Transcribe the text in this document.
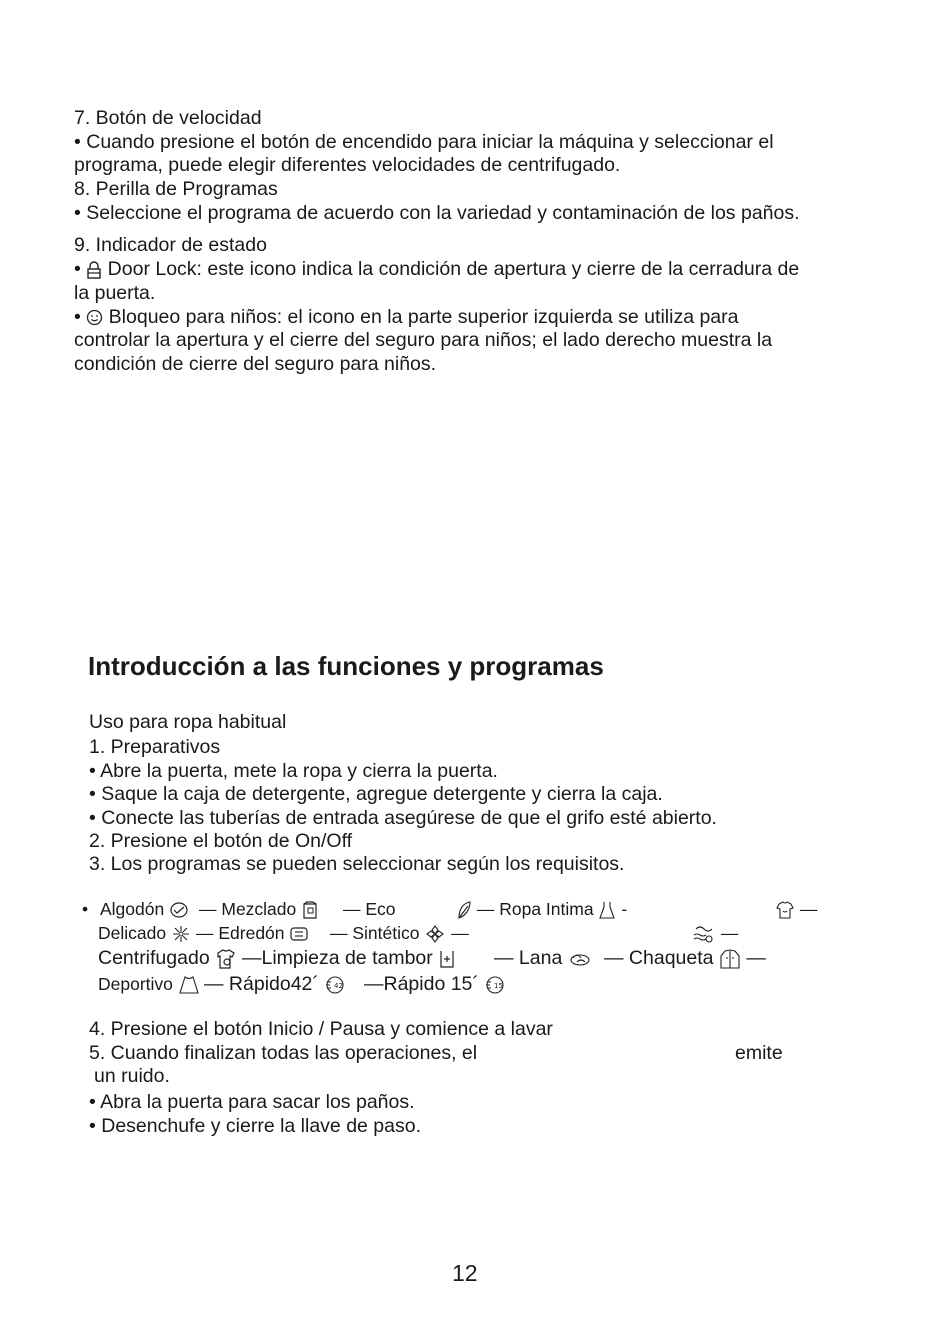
7. Botón de velocidad
• Cuando presione el botón de encendido para iniciar la máquina y seleccionar el
programa, puede elegir diferentes velocidades de centrifugado.
8. Perilla de Programas
• Seleccione el programa de acuerdo con la variedad y contaminación de los paños.
9. Indicador de estado
• Door Lock: este icono indica la condición de apertura y cierre de la cerradura de
la puerta.
• Bloqueo para niños: el icono en la parte superior izquierda se utiliza para
controlar la apertura y el cierre del seguro para niños; el lado derecho muestra la
condición de cierre del seguro para niños.
Introducción a las funciones y programas
Uso para ropa habitual
1. Preparativos
• Abre la puerta, mete la ropa y cierra la puerta.
• Saque la caja de detergente, agregue detergente y cierra la caja.
• Conecte las tuberías de entrada asegúrese de que el grifo esté abierto.
2. Presione el botón de On/Off
3. Los programas se pueden seleccionar según los requisitos.
• Algodón	— Mezclado	— Eco	— Ropa Intima -	—
Delicado	— Edredón	— Sintético —	—
Centrifugado	—Limpieza de tambor	— Lana	— Chaqueta —
Deportivo	— Rápido42´ 42 —Rápido 15´ 15
4. Presione el botón Inicio / Pausa y comience a lavar
5. Cuando finalizan todas las operaciones, el	emite
un ruido.
• Abra la puerta para sacar los paños.
• Desenchufe y cierre la llave de paso.
12
